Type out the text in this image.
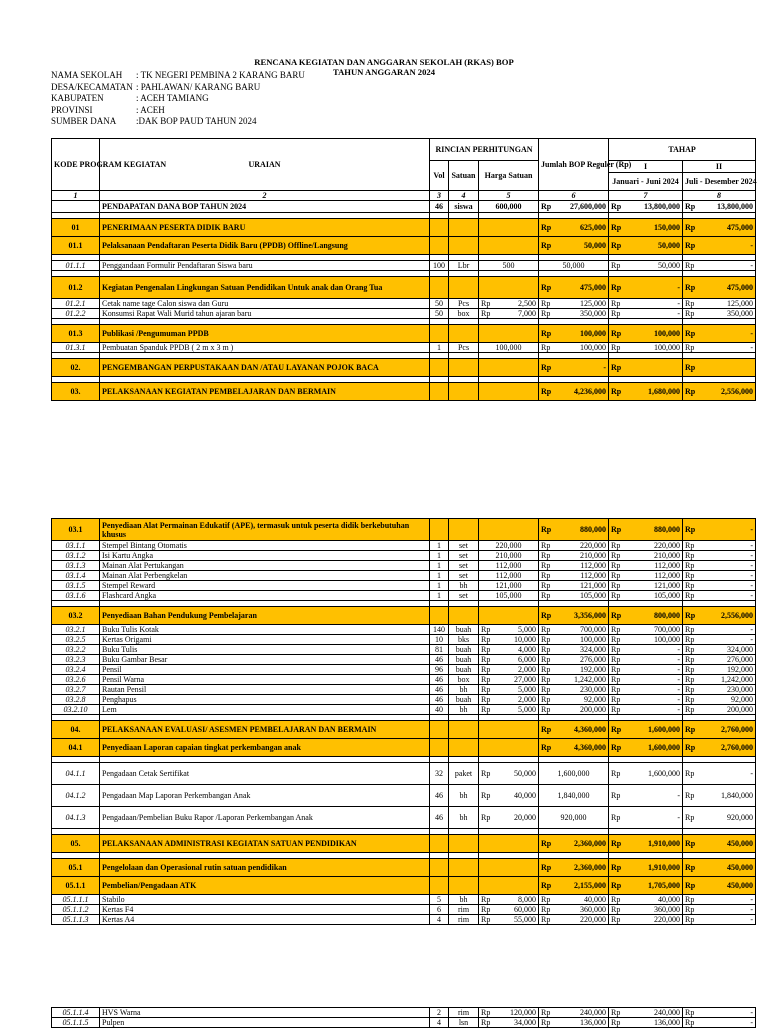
RENCANA KEGIATAN DAN ANGGARAN SEKOLAH (RKAS) BOP
TAHUN ANGGARAN 2024
NAMA SEKOLAH	: TK NEGERI PEMBINA 2 KARANG BARU
DESA/KECAMATAN : PAHLAWAN/ KARANG BARU
KABUPATEN	: ACEH TAMIANG
PROVINSI	: ACEH
SUMBER DANA	:DAK BOP PAUD TAHUN 2024
KODE PROGRAM KEGIATAN	URAIAN	RINCIAN PERHITUNGAN			Jumlah BOP Reguler (Rp)	TAHAP	
		Vol	Satuan	Harga Satuan		I	II
						Januari - Juni 2024	Juli - Desember 2024
1	2	3	4	5	6	7	8
	PENDAPATAN DANA BOP TAHUN 2024	46	siswa	600,000	Rp 27,600,000	Rp 13,800,000	Rp 13,800,000

01	PENERIMAAN PESERTA DIDIK BARU				Rp 625,000	Rp 150,000	Rp 475,000

01.1	Pelaksanaan Pendaftaran Peserta Didik Baru (PPDB) Offline/Langsung				Rp 50,000	Rp 50,000	Rp -

01.1.1	Penggandaan Formulir Pendaftaran Siswa baru	100	Lbr	500	50,000	Rp 50,000	Rp -

01.2	Kegiatan Pengenalan Lingkungan Satuan Pendidikan Untuk anak dan Orang Tua				Rp 475,000	Rp -	Rp 475,000

01.2.1	Cetak name tage Calon siswa dan Guru	50	Pcs	Rp 2,500	Rp 125,000	Rp -	Rp 125,000

01.2.2	Konsumsi Rapat Wali Murid tahun ajaran baru	50	box	Rp 7,000	Rp 350,000	Rp -	Rp 350,000

01.3	Publikasi /Pengumuman PPDB				Rp 100,000	Rp 100,000	Rp -

01.3.1	Pembuatan Spanduk PPDB ( 2 m x 3 m )	1	Pcs	100,000	Rp 100,000	Rp 100,000	Rp -

02.	PENGEMBANGAN PERPUSTAKAAN DAN /ATAU LAYANAN POJOK BACA				Rp -	Rp	Rp

03.	PELAKSANAAN KEGIATAN PEMBELAJARAN DAN BERMAIN				Rp 4,236,000	Rp 1,680,000	Rp 2,556,000
03.1	Penyediaan Alat Permainan Edukatif (APE), termasuk untuk peserta didik berkebutuhan khusus				Rp 880,000	Rp 880,000	Rp -

03.1.1	Stempel Bintang Otomatis	1	set	220,000	Rp 220,000	Rp 220,000	Rp -

03.1.2	Isi Kartu Angka	1	set	210,000	Rp 210,000	Rp 210,000	Rp -

03.1.3	Mainan Alat Pertukangan	1	set	112,000	Rp 112,000	Rp 112,000	Rp -

03.1.4	Mainan Alat Perbengkelan	1	set	112,000	Rp 112,000	Rp 112,000	Rp -

03.1.5	Stempel Reward	1	bh	121,000	Rp 121,000	Rp 121,000	Rp -

03.1.6	Flashcard Angka	1	set	105,000	Rp 105,000	Rp 105,000	Rp -

03.2	Penyediaan Bahan Pendukung Pembelajaran				Rp 3,356,000	Rp 800,000	Rp 2,556,000

03.2.1	Buku Tulis Kotak	140	buah	Rp 5,000	Rp 700,000	Rp 700,000	Rp -

03.2.5	Kertas Origami	10	bks	Rp 10,000	Rp 100,000	Rp 100,000	Rp -

03.2.2	Buku Tulis	81	buah	Rp 4,000	Rp 324,000	Rp -	Rp 324,000

03.2.3	Buku Gambar Besar	46	buah	Rp 6,000	Rp 276,000	Rp -	Rp 276,000

03.2.4	Pensil	96	buah	Rp 2,000	Rp 192,000	Rp -	Rp 192,000

03.2.6	Pensil Warna	46	box	Rp 27,000	Rp 1,242,000	Rp -	Rp 1,242,000

03.2.7	Rautan Pensil	46	bh	Rp 5,000	Rp 230,000	Rp -	Rp 230,000

03.2.8	Penghapus	46	buah	Rp 2,000	Rp 92,000	Rp -	Rp 92,000

03.2.10	Lem	40	bh	Rp 5,000	Rp 200,000	Rp -	Rp 200,000

04.	PELAKSANAAN EVALUASI/ ASESMEN PEMBELAJARAN DAN BERMAIN				Rp 4,360,000	Rp 1,600,000	Rp 2,760,000

04.1	Penyediaan Laporan capaian tingkat perkembangan anak				Rp 4,360,000	Rp 1,600,000	Rp 2,760,000

04.1.1	Pengadaan Cetak Sertifikat	32	paket	Rp 50,000	1,600,000	Rp 1,600,000	Rp -

04.1.2	Pengadaan Map Laporan Perkembangan Anak	46	bh	Rp 40,000	1,840,000	Rp -	Rp 1,840,000

04.1.3	Pengadaan/Pembelian Buku Rapor /Laporan Perkembangan Anak	46	bh	Rp 20,000	920,000	Rp -	Rp 920,000

05.	PELAKSANAAN ADMINISTRASI KEGIATAN SATUAN PENDIDIKAN				Rp 2,360,000	Rp 1,910,000	Rp 450,000

05.1	Pengelolaan dan Operasional rutin satuan pendidikan				Rp 2,360,000	Rp 1,910,000	Rp 450,000

05.1.1	Pembelian/Pengadaan ATK				Rp 2,155,000	Rp 1,705,000	Rp 450,000

05.1.1.1	Stabilo	5	bh	Rp 8,000	Rp 40,000	Rp 40,000	Rp -

05.1.1.2	Kertas F4	6	rim	Rp 60,000	Rp 360,000	Rp 360,000	Rp -

05.1.1.3	Kertas A4	4	rim	Rp 55,000	Rp 220,000	Rp 220,000	Rp -
05.1.1.4	HVS Warna	2	rim	Rp 120,000	Rp 240,000	Rp 240,000	Rp -

05.1.1.5	Pulpen	4	lsn	Rp 34,000	Rp 136,000	Rp 136,000	Rp -
